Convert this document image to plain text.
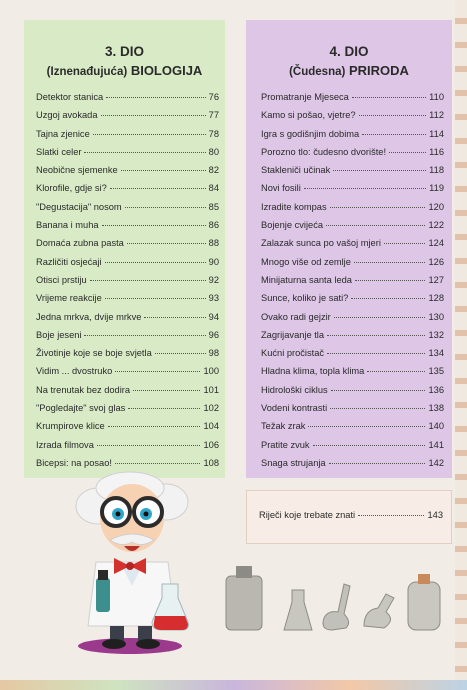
3. DIO
(Iznenađujuća) BIOLOGIJA
Detektor stanica	76
Uzgoj avokada	77
Tajna zjenice	78
Slatki celer	80
Neobične sjemenke	82
Klorofile, gdje si?	84
"Degustacija" nosom	85
Banana i muha	86
Domaća zubna pasta	88
Različiti osjećaji	90
Otisci prstiju	92
Vrijeme reakcije	93
Jedna mrkva, dvije mrkve	94
Boje jeseni	96
Životinje koje se boje svjetla	98
Vidim ... dvostruko	100
Na trenutak bez dodira	101
"Pogledajte" svoj glas	102
Krumpirove klice	104
Izrada filmova	106
Bicepsi: na posao!	108
4. DIO
(Čudesna) PRIRODA
Promatranje Mjeseca	110
Kamo si pošao, vjetre?	112
Igra s godišnjim dobima	114
Porozno tlo: čudesno dvorište!	116
Stakleniči učinak	118
Novi fosili	119
Izradite kompas	120
Bojenje cvijeća	122
Zalazak sunca po vašoj mjeri	124
Mnogo više od zemlje	126
Minijaturna santa leda	127
Sunce, koliko je sati?	128
Ovako radi gejzir	130
Zagrijavanje tla	132
Kućni pročistač	134
Hladna klima, topla klima	135
Hidrološki ciklus	136
Vodeni kontrasti	138
Težak zrak	140
Pratite zvuk	141
Snaga strujanja	142
Riječi koje trebate znati	143
